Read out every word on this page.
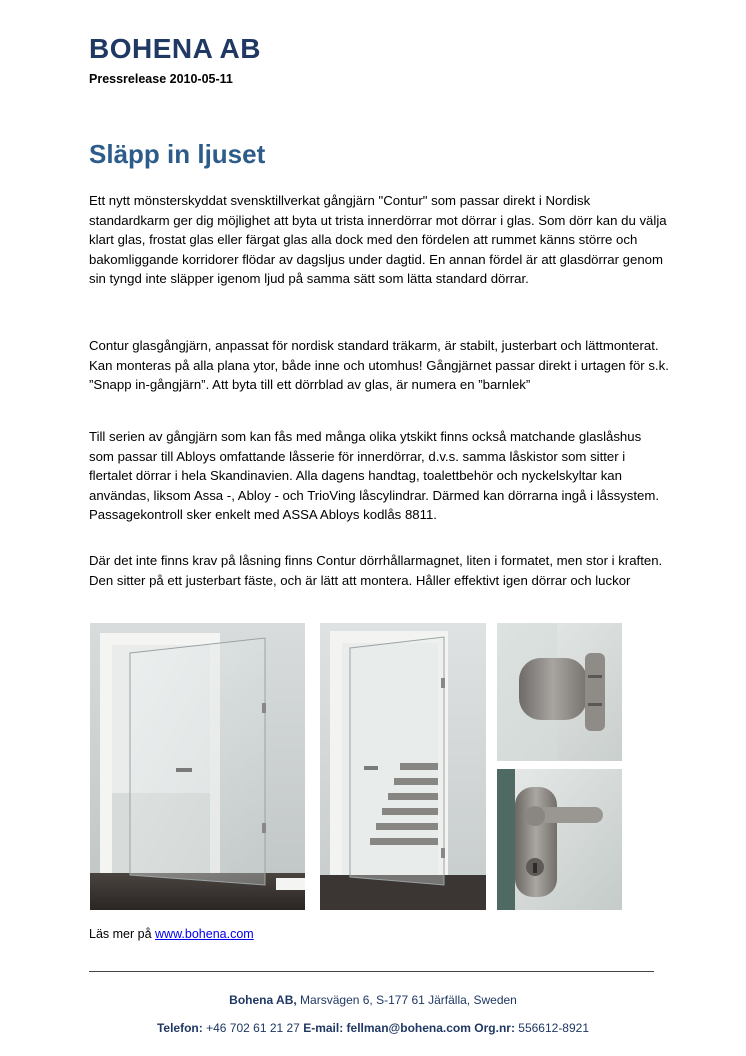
BOHENA AB
Pressrelease 2010-05-11
Släpp in ljuset

Ett nytt mönsterskyddat svensktillverkat gångjärn "Contur" som passar direkt i Nordisk standardkarm ger dig möjlighet att byta ut trista innerdörrar mot dörrar i glas. Som dörr kan du välja klart glas, frostat glas eller färgat glas alla dock med den fördelen att rummet känns större och bakomliggande korridorer flödar av dagsljus under dagtid. En annan fördel är att glasdörrar genom sin tyngd inte släpper igenom ljud på samma sätt som lätta standard dörrar.

Contur glasgångjärn, anpassat för nordisk standard träkarm, är stabilt, justerbart och lättmonterat. Kan monteras på alla plana ytor, både inne och utomhus! Gångjärnet passar direkt i urtagen för s.k. ”Snapp in-gångjärn”. Att byta till ett dörrblad av glas, är numera en ”barnlek”

Till serien av gångjärn som kan fås med många olika ytskikt finns också matchande glaslåshus som passar till Abloys omfattande låsserie för innerdörrar, d.v.s. samma låskistor som sitter i flertalet dörrar i hela Skandinavien. Alla dagens handtag, toalettbehör och nyckelskyltar kan användas, liksom Assa -, Abloy - och TrioVing låscylindrar. Därmed kan dörrarna ingå i låssystem. Passagekontroll sker enkelt med ASSA Abloys kodlås 8811.

Där det inte finns krav på låsning finns Contur dörrhållarmagnet, liten i formatet, men stor i kraften. Den sitter på ett justerbart fäste, och är lätt att montera. Håller effektivt igen dörrar och luckor

Läs mer på www.bohena.com
Bohena AB, Marsvägen 6, S-177 61 Järfälla, Sweden
Telefon: +46 702 61 21 27 E-mail: fellman@bohena.com Org.nr: 556612-8921
